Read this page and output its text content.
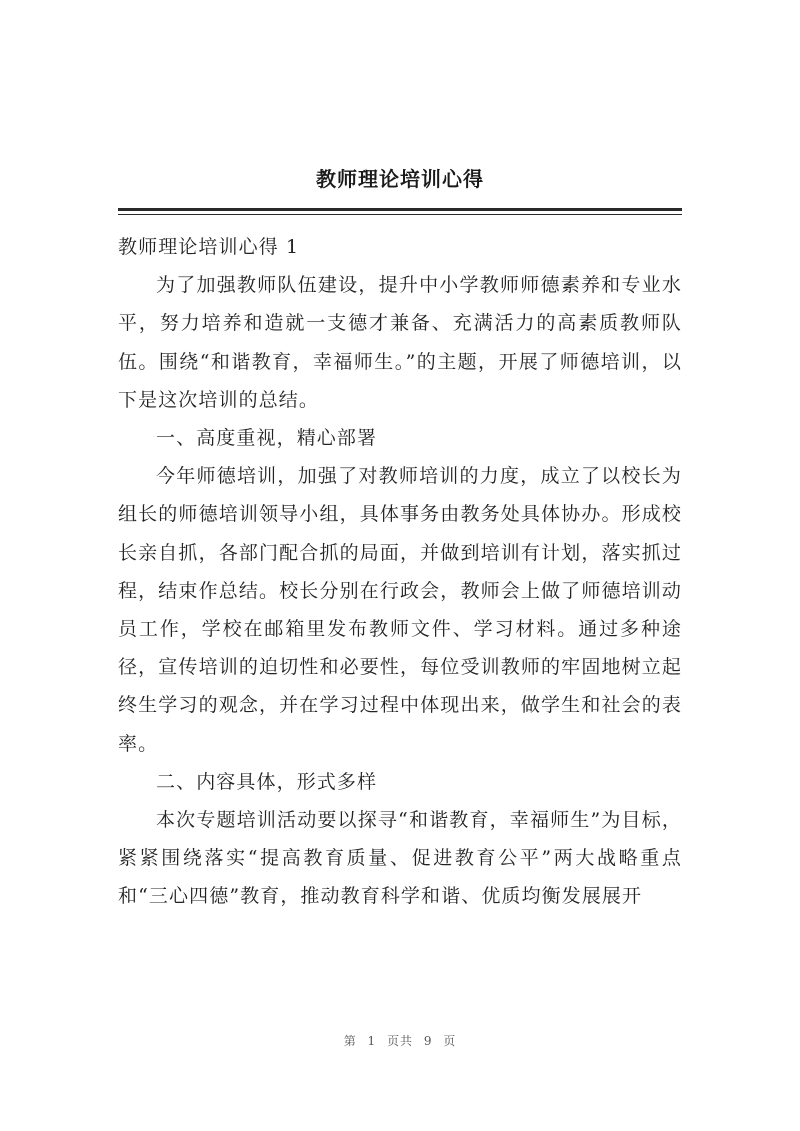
教师理论培训心得

教师理论培训心得 1

为了加强教师队伍建设，提升中小学教师师德素养和专业水平，努力培养和造就一支德才兼备、充满活力的高素质教师队伍。围绕“和谐教育，幸福师生。”的主题，开展了师德培训，以下是这次培训的总结。

一、高度重视，精心部署

今年师德培训，加强了对教师培训的力度，成立了以校长为组长的师德培训领导小组，具体事务由教务处具体协办。形成校长亲自抓，各部门配合抓的局面，并做到培训有计划，落实抓过程，结束作总结。校长分别在行政会，教师会上做了师德培训动员工作，学校在邮箱里发布教师文件、学习材料。通过多种途径，宣传培训的迫切性和必要性，每位受训教师的牢固地树立起终生学习的观念，并在学习过程中体现出来，做学生和社会的表率。

二、内容具体，形式多样

本次专题培训活动要以探寻“和谐教育，幸福师生”为目标，紧紧围绕落实“提高教育质量、促进教育公平”两大战略重点和“三心四德”教育，推动教育科学和谐、优质均衡发展展开

第 1 页共 9 页
